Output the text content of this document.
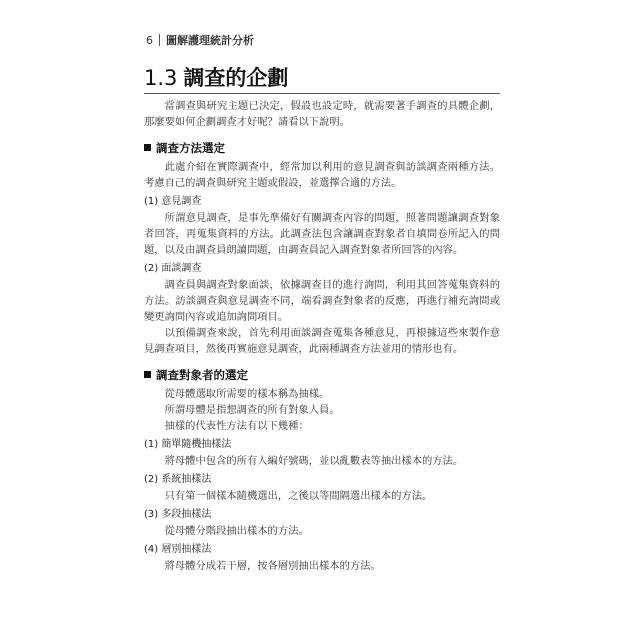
6 圖解護理統計分析
1.3 調查的企劃
當調查與研究主題已決定，假設也設定時，就需要著手調查的具體企劃，那麼要如何企劃調查才好呢？請看以下說明。
調查方法選定
此處介紹在實際調查中，經常加以利用的意見調查與訪談調查兩種方法。考慮自己的調查與研究主題或假設，並選擇合適的方法。
(1) 意見調查
所謂意見調查，是事先準備好有關調查內容的問題，照著問題讓調查對象者回答，再蒐集資料的方法。此調查法包含讓調查對象者自填問卷所記入的問題，以及由調查員朗讀問題，由調查員記入調查對象者所回答的內容。
(2) 面談調查
調查員與調查對象面談，依據調查目的進行詢問，利用其回答蒐集資料的方法。訪談調查與意見調查不同，端看調查對象者的反應，再進行補充詢問或變更詢問內容或追加詢問項目。
以預備調查來說，首先利用面談調查蒐集各種意見，再根據這些來製作意見調查項目，然後再實施意見調查，此兩種調查方法並用的情形也有。
調查對象者的選定
從母體選取所需要的樣本稱為抽樣。
所謂母體是指想調查的所有對象人員。
抽樣的代表性方法有以下幾種：
(1) 簡單隨機抽樣法
將母體中包含的所有人編好號碼，並以亂數表等抽出樣本的方法。
(2) 系統抽樣法
只有第一個樣本隨機選出，之後以等間隔選出樣本的方法。
(3) 多段抽樣法
從母體分階段抽出樣本的方法。
(4) 層別抽樣法
將母體分成若干層，按各層別抽出樣本的方法。
